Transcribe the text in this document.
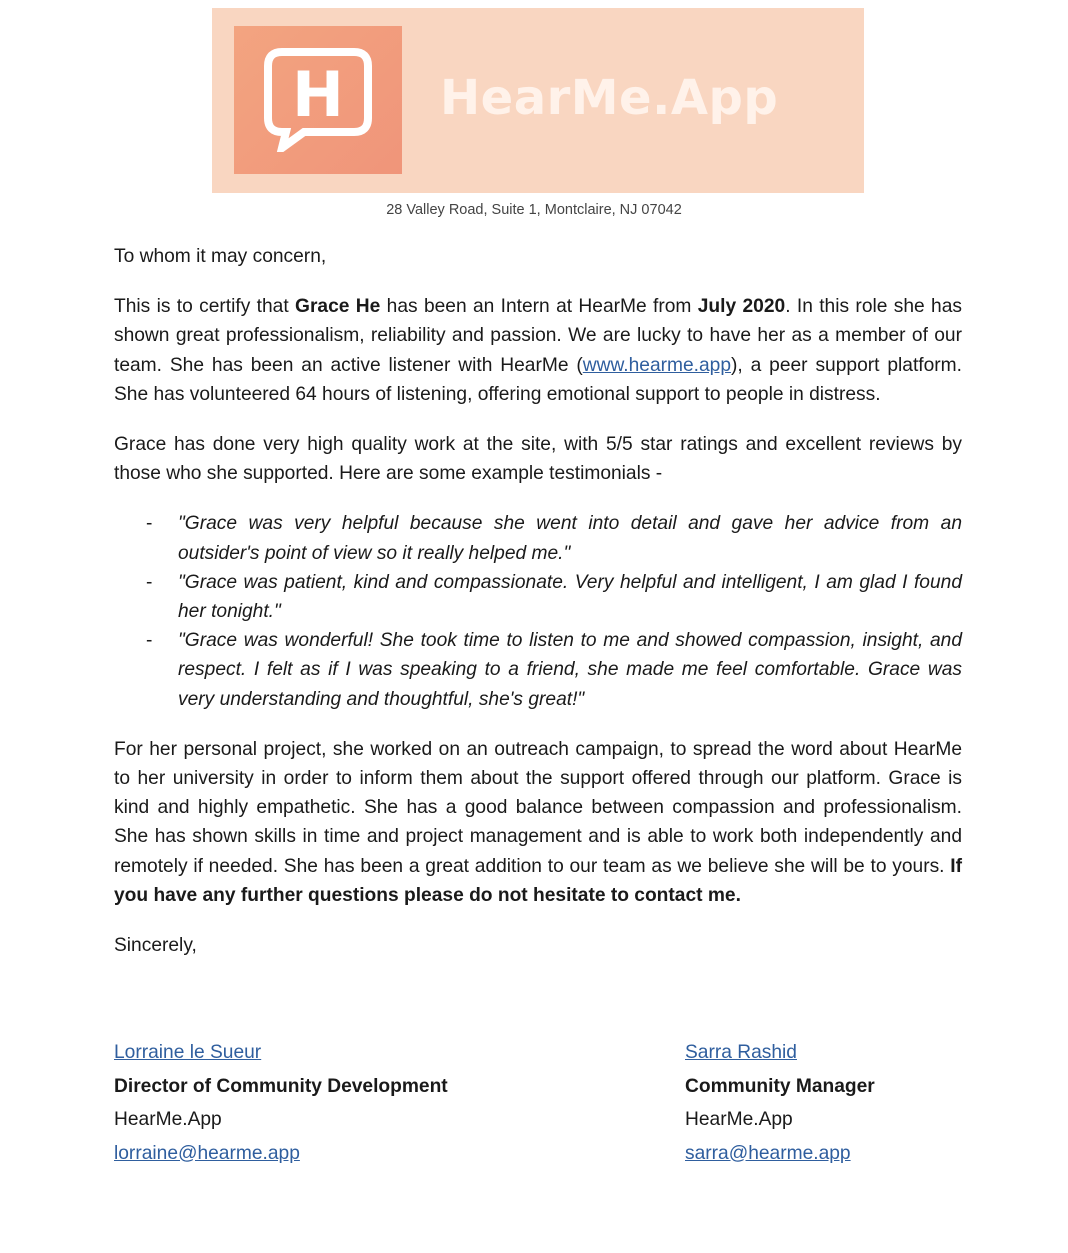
H HearMe.App
28 Valley Road, Suite 1, Montclaire, NJ 07042

To whom it may concern,

This is to certify that Grace He has been an Intern at HearMe from July 2020. In this role she has shown great professionalism, reliability and passion. We are lucky to have her as a member of our team. She has been an active listener with HearMe (www.hearme.app), a peer support platform. She has volunteered 64 hours of listening, offering emotional support to people in distress.

Grace has done very high quality work at the site, with 5/5 star ratings and excellent reviews by those who she supported. Here are some example testimonials -

- "Grace was very helpful because she went into detail and gave her advice from an outsider's point of view so it really helped me."
- "Grace was patient, kind and compassionate. Very helpful and intelligent, I am glad I found her tonight."
- "Grace was wonderful! She took time to listen to me and showed compassion, insight, and respect. I felt as if I was speaking to a friend, she made me feel comfortable. Grace was very understanding and thoughtful, she's great!"

For her personal project, she worked on an outreach campaign, to spread the word about HearMe to her university in order to inform them about the support offered through our platform. Grace is kind and highly empathetic. She has a good balance between compassion and professionalism. She has shown skills in time and project management and is able to work both independently and remotely if needed. She has been a great addition to our team as we believe she will be to yours. If you have any further questions please do not hesitate to contact me.

Sincerely,

Lorraine le Sueur
Director of Community Development
HearMe.App
lorraine@hearme.app
Sarra Rashid
Community Manager
HearMe.App
sarra@hearme.app
